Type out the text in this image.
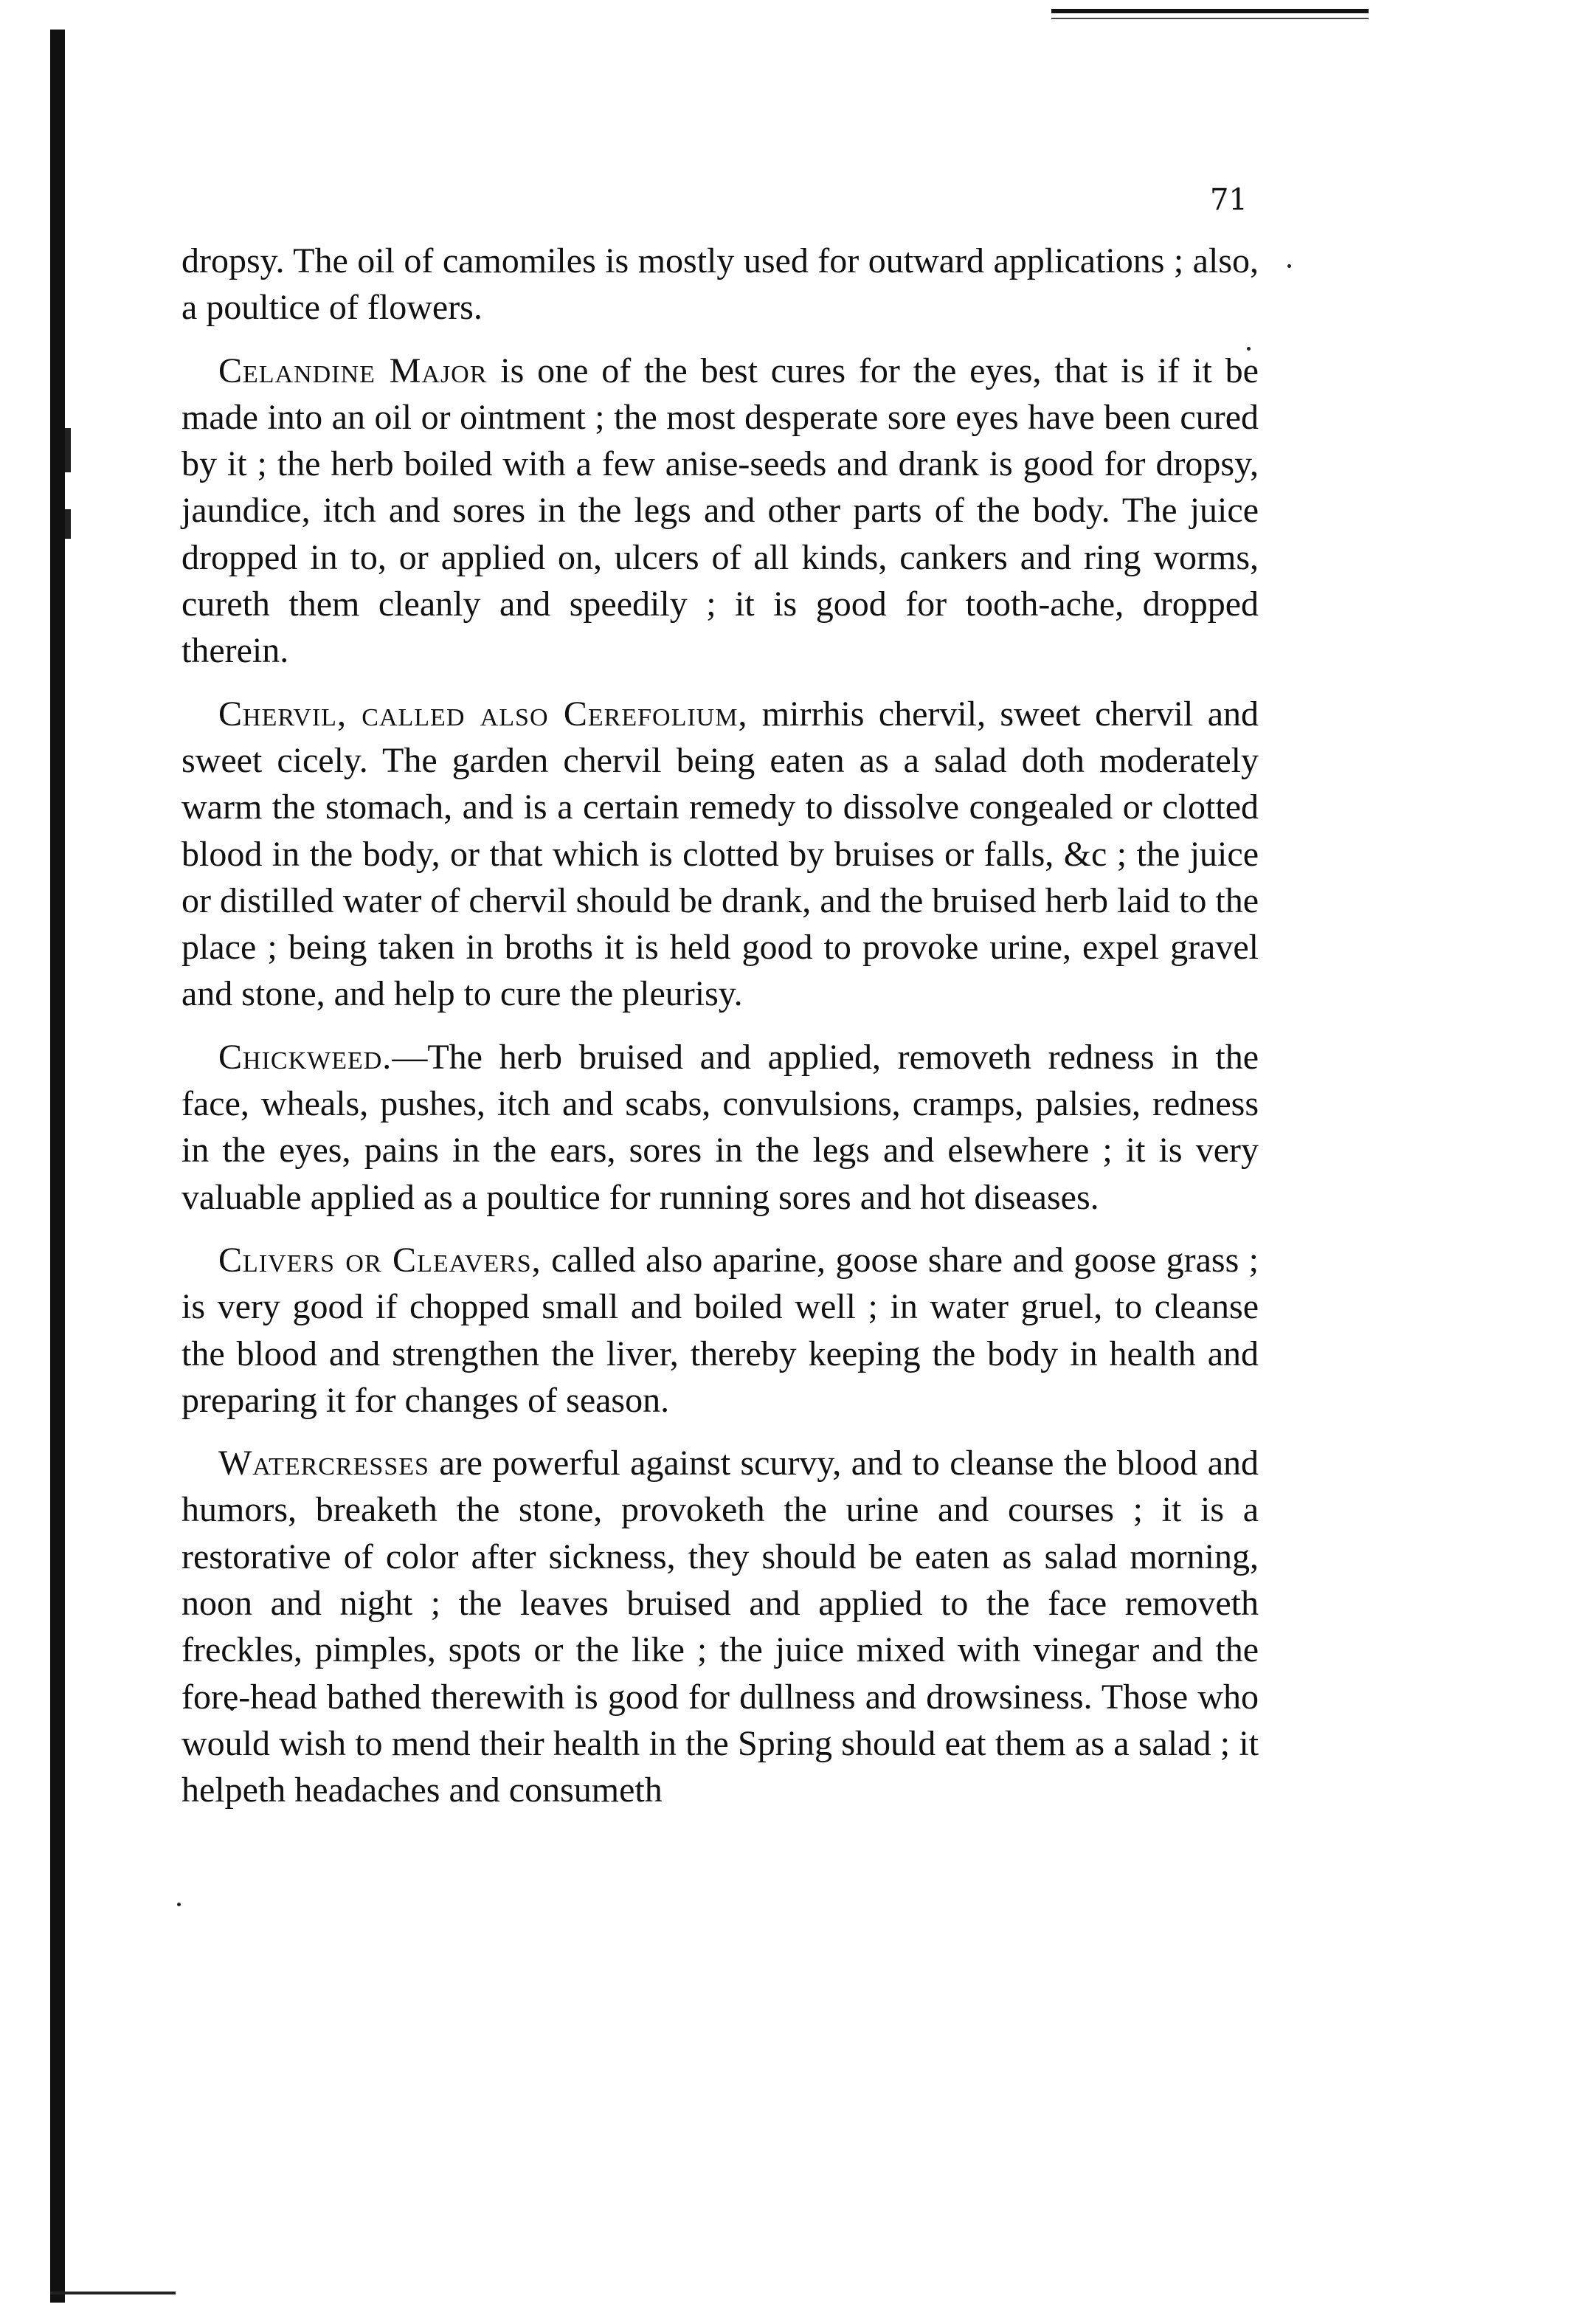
71

dropsy. The oil of camomiles is mostly used for outward applications ; also, a poultice of flowers.

Celandine Major is one of the best cures for the eyes, that is if it be made into an oil or ointment ; the most desperate sore eyes have been cured by it ; the herb boiled with a few anise-seeds and drank is good for dropsy, jaundice, itch and sores in the legs and other parts of the body. The juice dropped in to, or applied on, ulcers of all kinds, cankers and ring worms, cureth them cleanly and speedily ; it is good for tooth-ache, dropped therein.

Chervil, called also Cerefolium, mirrhis chervil, sweet chervil and sweet cicely. The garden chervil being eaten as a salad doth moderately warm the stomach, and is a certain remedy to dissolve congealed or clotted blood in the body, or that which is clotted by bruises or falls, &c ; the juice or distilled water of chervil should be drank, and the bruised herb laid to the place ; being taken in broths it is held good to provoke urine, expel gravel and stone, and help to cure the pleurisy.

Chickweed.—The herb bruised and applied, removeth redness in the face, wheals, pushes, itch and scabs, convulsions, cramps, palsies, redness in the eyes, pains in the ears, sores in the legs and elsewhere ; it is very valuable applied as a poultice for running sores and hot diseases.

Clivers or Cleavers, called also aparine, goose share and goose grass ; is very good if chopped small and boiled well ; in water gruel, to cleanse the blood and strengthen the liver, thereby keeping the body in health and preparing it for changes of season.

Watercresses are powerful against scurvy, and to cleanse the blood and humors, breaketh the stone, provoketh the urine and courses ; it is a restorative of color after sickness, they should be eaten as salad morning, noon and night ; the leaves bruised and applied to the face removeth freckles, pimples, spots or the like ; the juice mixed with vinegar and the fore-head bathed therewith is good for dullness and drowsiness. Those who would wish to mend their health in the Spring should eat them as a salad ; it helpeth headaches and consumeth
